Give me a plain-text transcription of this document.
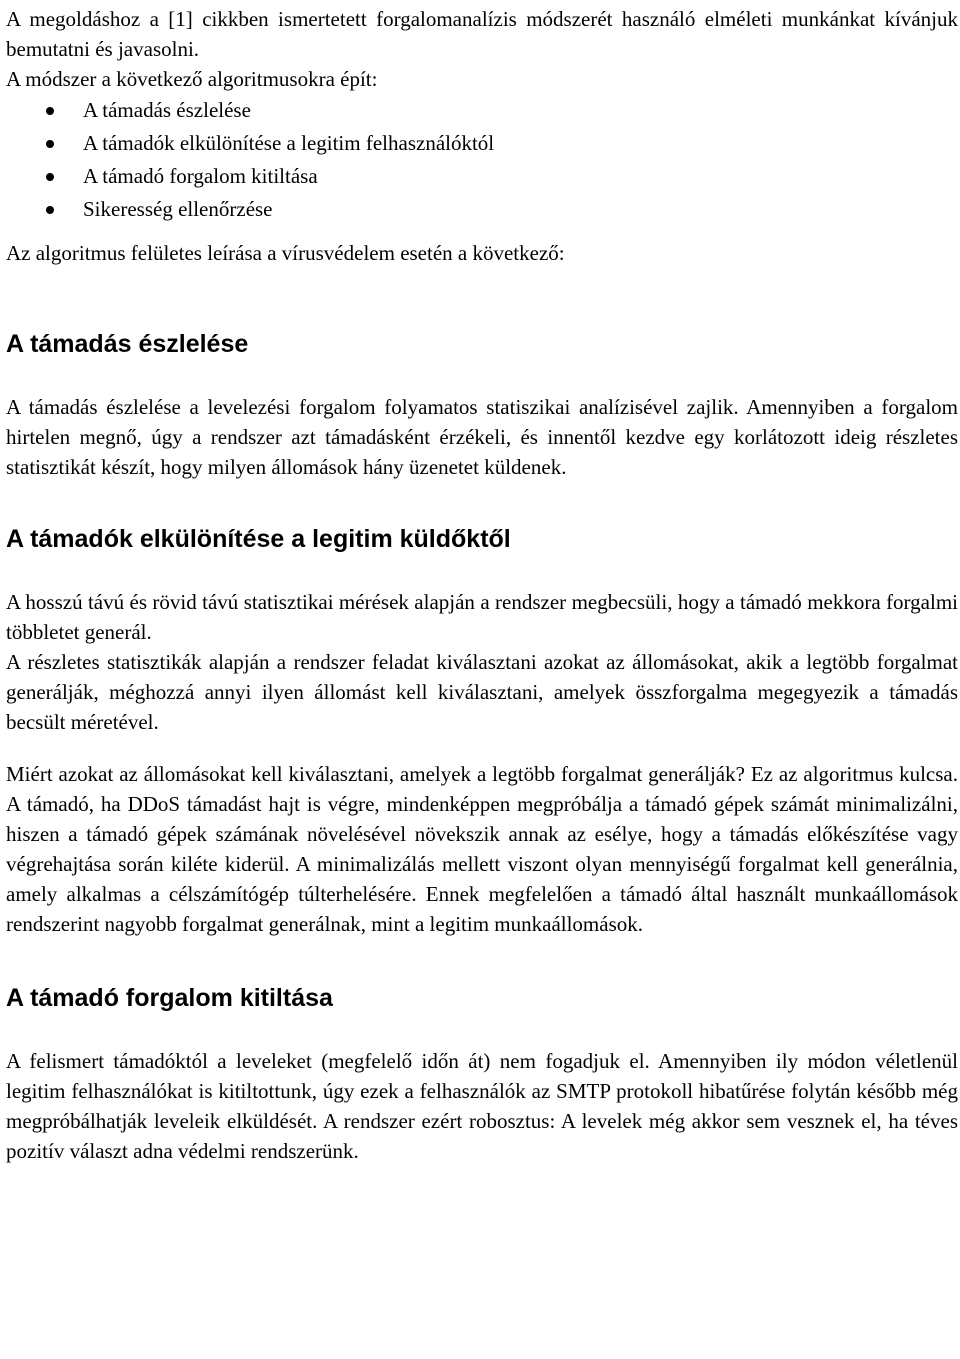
A megoldáshoz a [1] cikkben ismertetett forgalomanalízis módszerét használó elméleti munkánkat kívánjuk bemutatni és javasolni.

A módszer a következő algoritmusokra épít:

A támadás észlelése
A támadók elkülönítése a legitim felhasználóktól
A támadó forgalom kitiltása
Sikeresség ellenőrzése

Az algoritmus felületes leírása a vírusvédelem esetén a következő:

A támadás észlelése

A támadás észlelése a levelezési forgalom folyamatos statiszikai analízisével zajlik. Amennyiben a forgalom hirtelen megnő, úgy a rendszer azt támadásként érzékeli, és innentől kezdve egy korlátozott ideig részletes statisztikát készít, hogy milyen állomások hány üzenetet küldenek.

A támadók elkülönítése a legitim küldőktől

A hosszú távú és rövid távú statisztikai mérések alapján a rendszer megbecsüli, hogy a támadó mekkora forgalmi többletet generál.

A részletes statisztikák alapján a rendszer feladat kiválasztani azokat az állomásokat, akik a legtöbb forgalmat generálják, méghozzá annyi ilyen állomást kell kiválasztani, amelyek összforgalma megegyezik a támadás becsült méretével.

Miért azokat az állomásokat kell kiválasztani, amelyek a legtöbb forgalmat generálják? Ez az algoritmus kulcsa. A támadó, ha DDoS támadást hajt is végre, mindenképpen megpróbálja a támadó gépek számát minimalizálni, hiszen a támadó gépek számának növelésével növekszik annak az esélye, hogy a támadás előkészítése vagy végrehajtása során kiléte kiderül. A minimalizálás mellett viszont olyan mennyiségű forgalmat kell generálnia, amely alkalmas a célszámítógép túlterhelésére. Ennek megfelelően a támadó által használt munkaállomások rendszerint nagyobb forgalmat generálnak, mint a legitim munkaállomások.

A támadó forgalom kitiltása

A felismert támadóktól a leveleket (megfelelő időn át) nem fogadjuk el. Amennyiben ily módon véletlenül legitim felhasználókat is kitiltottunk, úgy ezek a felhasználók az SMTP protokoll hibatűrése folytán később még megpróbálhatják leveleik elküldését. A rendszer ezért robosztus: A levelek még akkor sem vesznek el, ha téves pozitív választ adna védelmi rendszerünk.
